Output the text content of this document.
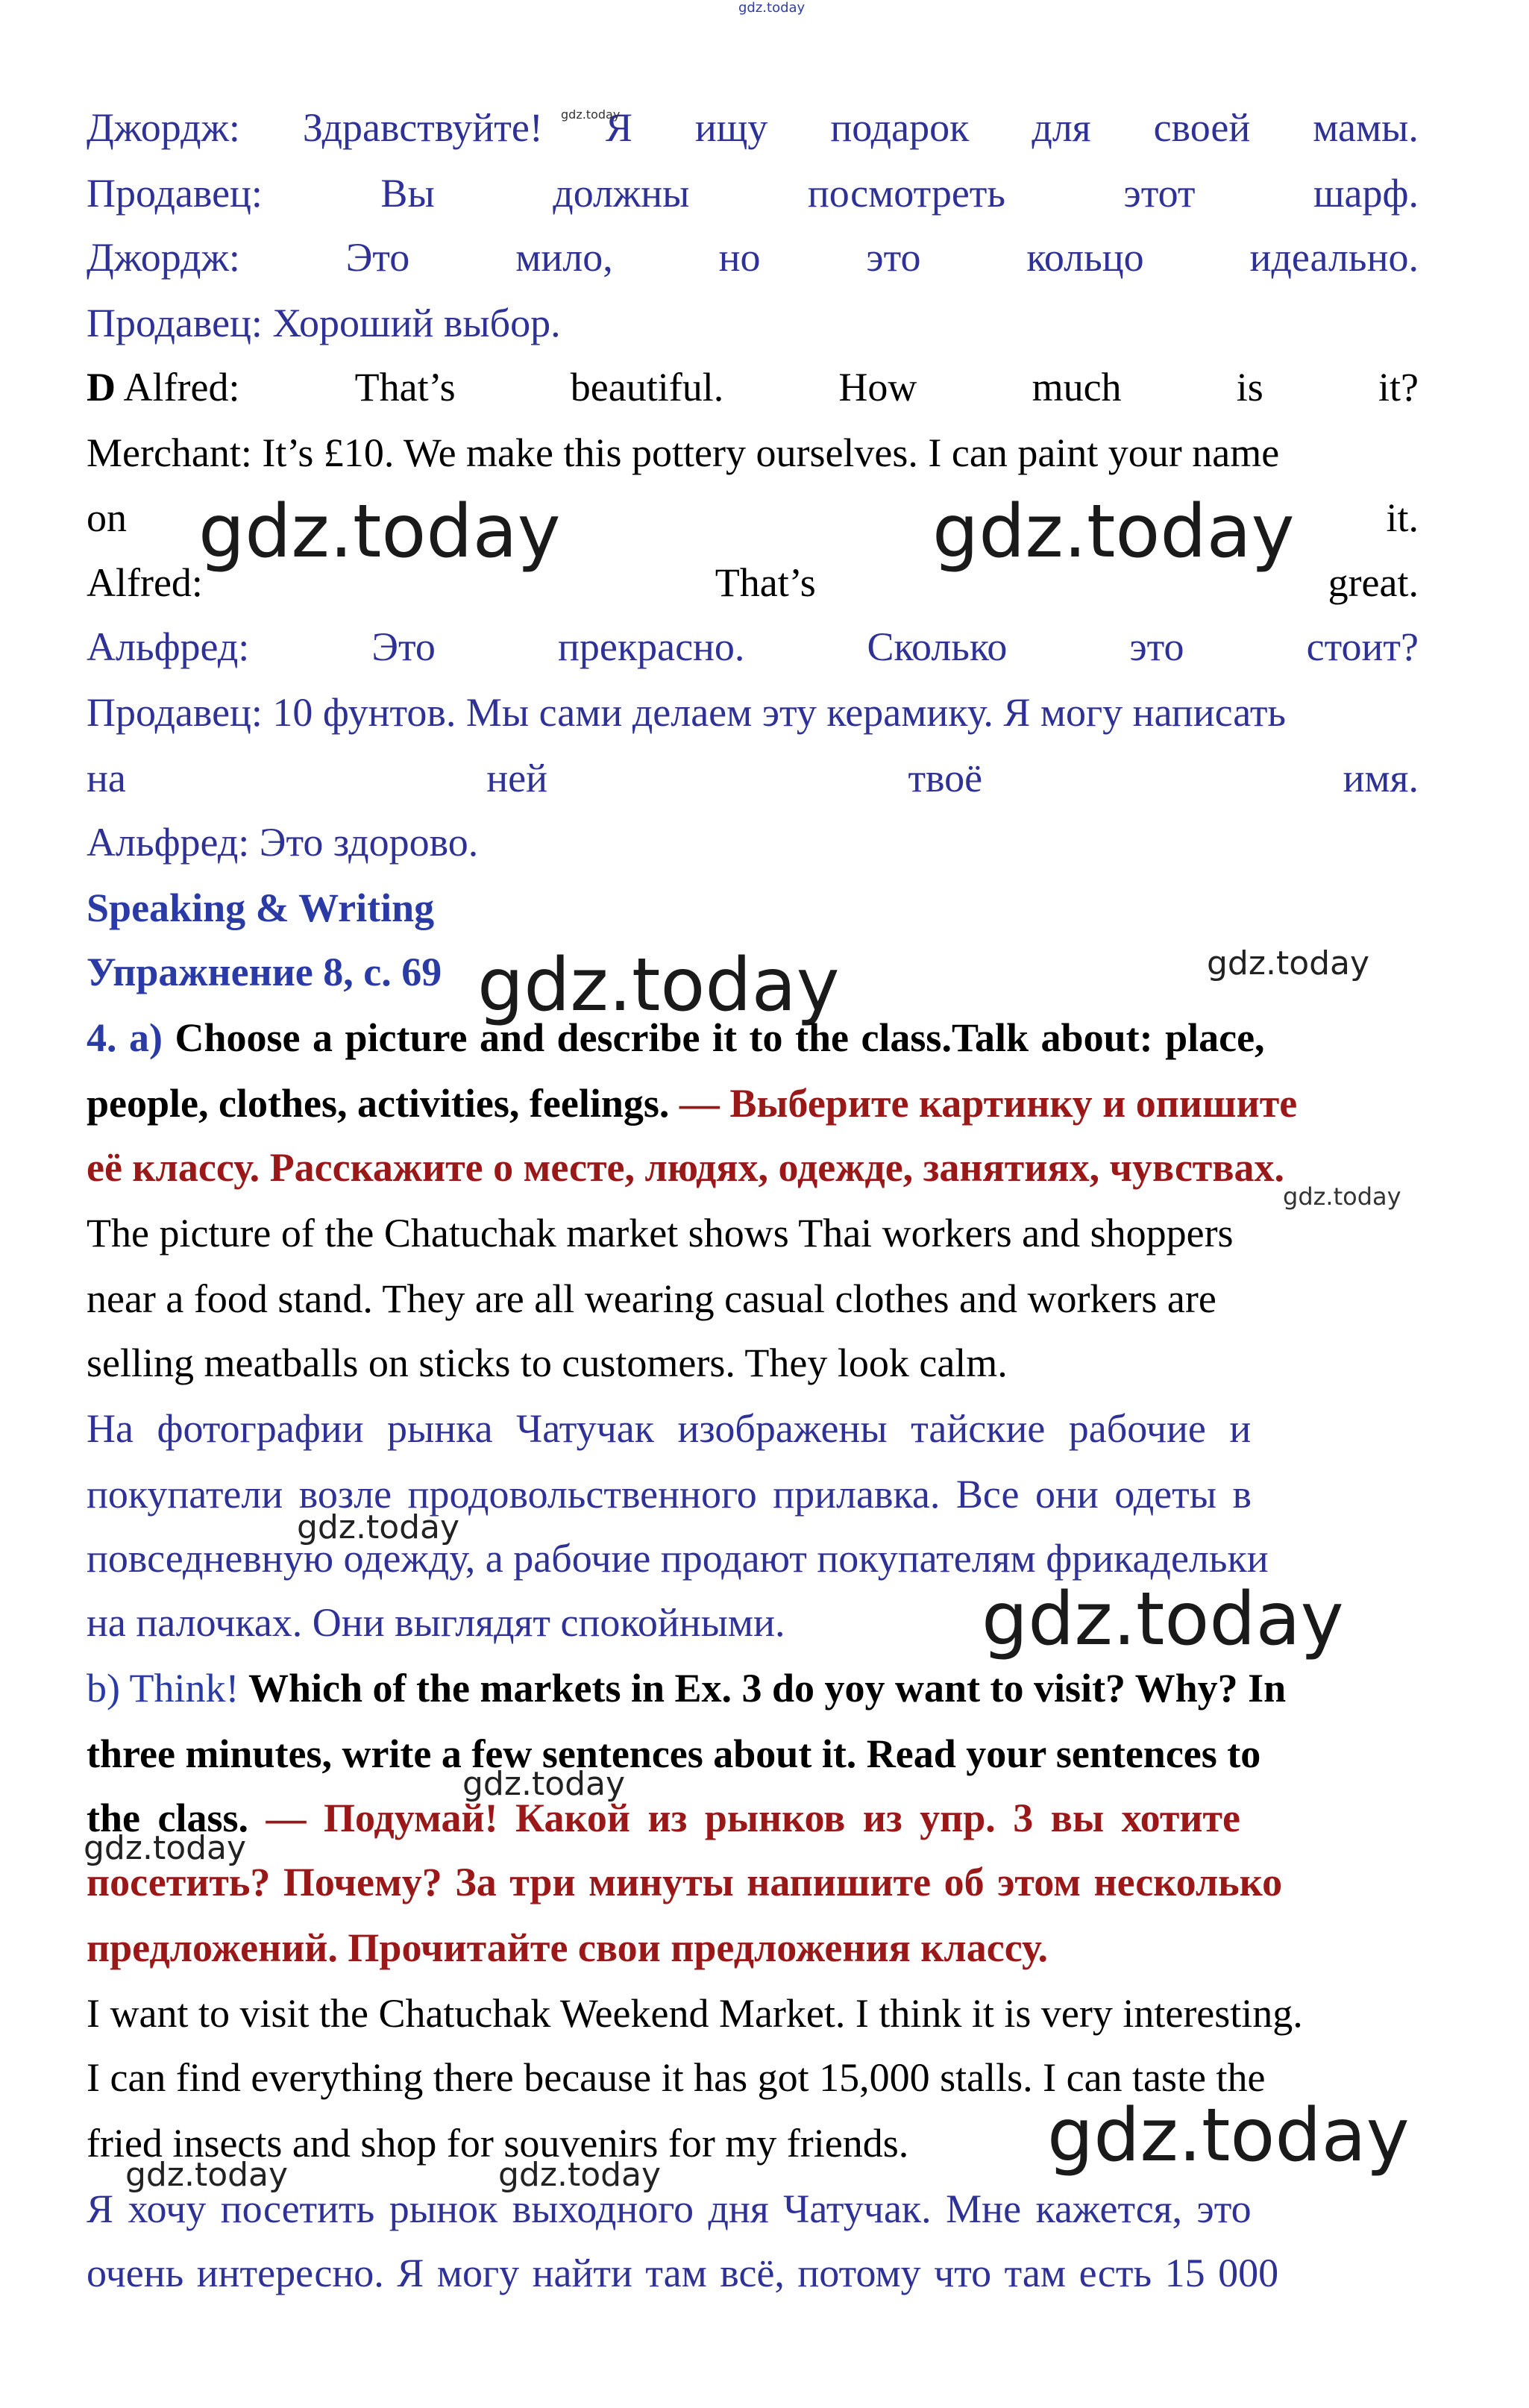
gdz.today
Джордж: Здравствуйте! Я ищу подарок для своей мамы.
gdz.today
Продавец:	Вы	должны	посмотреть	этот	шарф.
Джордж:	Это	мило,	но	это	кольцо	идеально.
Продавец: Хороший выбор.
D Alfred:	That’s	beautiful.	How	much	is	it?
Merchant: It’s £10. We make this pottery ourselves. I can paint your name
on	it.
gdz.today	gdz.today
Alfred:	That’s	great.
Альфред:	Это	прекрасно.	Сколько	это	стоит?
Продавец: 10 фунтов. Мы сами делаем эту керамику. Я могу написать
на	ней	твоё	имя.
Альфред: Это здорово.
Speaking & Writing
Упражнение 8, с. 69 gdz.today	gdz.today
4. a) Choose a picture and describe it to the class.Talk about: place,
people, clothes, activities, feelings. — Выберите картинку и опишите
её классу. Расскажите о месте, людях, одежде, занятиях, чувствах.
gdz.today
The picture of the Chatuchak market shows Thai workers and shoppers
near a food stand. They are all wearing casual clothes and workers are
selling meatballs on sticks to customers. They look calm.
На фотографии рынка Чатучак изображены тайские рабочие и
покупатели возле продовольственного прилавка. Все они одеты в
gdz.today
повседневную одежду, а рабочие продают покупателям фрикадельки
на палочках. Они выглядят спокойными.	gdz.today
b) Think! Which of the markets in Ex. 3 do yoy want to visit? Why? In
three minutes, write a few sentences about it. Read your sentences to
gdz.today
the class. — Подумай! Какой из рынков из упр. 3 вы хотите
gdz.today
посетить? Почему? За три минуты напишите об этом несколько
предложений. Прочитайте свои предложения классу.
I want to visit the Chatuchak Weekend Market. I think it is very interesting.
I can find everything there because it has got 15,000 stalls. I can taste the
fried insects and shop for souvenirs for my friends.	gdz.today
gdz.today	gdz.today
Я хочу посетить рынок выходного дня Чатучак. Мне кажется, это
очень интересно. Я могу найти там всё, потому что там есть 15 000
